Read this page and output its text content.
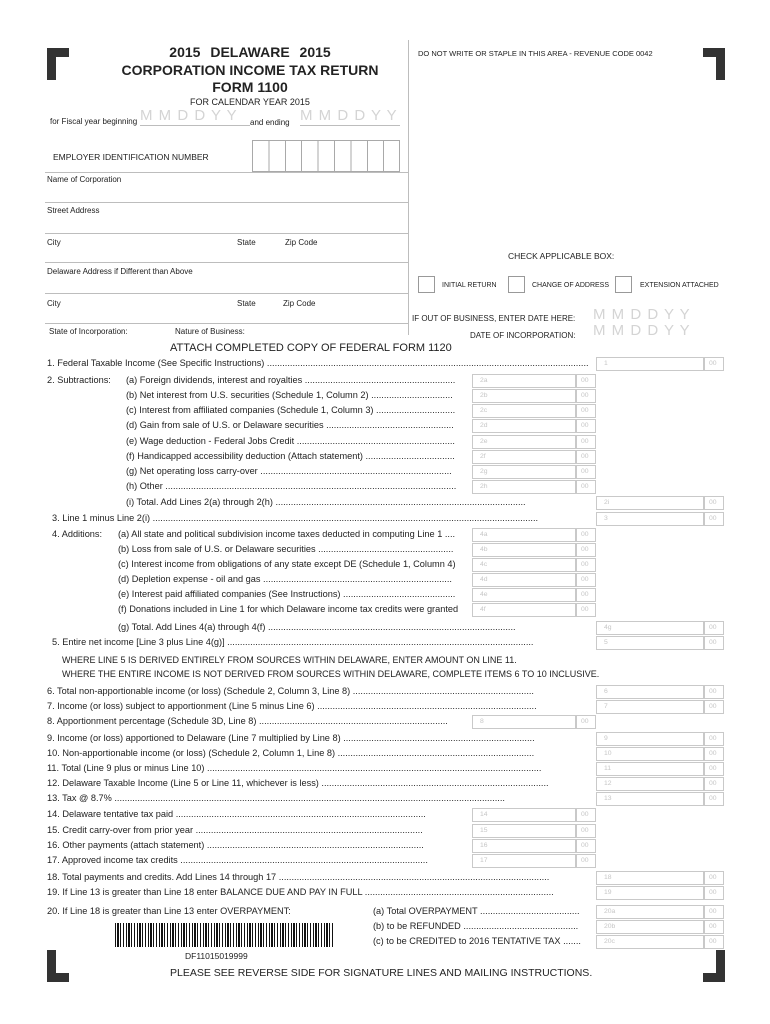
2015 DELAWARE 2015
CORPORATION INCOME TAX RETURN
FORM 1100
FOR CALENDAR YEAR 2015
for Fiscal year beginning M M D D Y Y and ending M M D D Y Y
DO NOT WRITE OR STAPLE IN THIS AREA - REVENUE CODE 0042
EMPLOYER IDENTIFICATION NUMBER
Name of Corporation
Street Address
City	State	Zip Code
Delaware Address if Different than Above
City	State	Zip Code
State of Incorporation:	Nature of Business:
CHECK APPLICABLE BOX:
INITIAL RETURN	CHANGE OF ADDRESS	EXTENSION ATTACHED
IF OUT OF BUSINESS, ENTER DATE HERE: M M D D Y Y
DATE OF INCORPORATION: M M D D Y Y
ATTACH COMPLETED COPY OF FEDERAL FORM 1120
1. Federal Taxable Income (See Specific Instructions) .............................................................................................................................. 1	00
2. Subtractions: (a) Foreign dividends, interest and royalties ...........................................................	2a	00
(b) Net interest from U.S. securities (Schedule 1, Column 2) ................................	2b	00
(c) Interest from affiliated companies (Schedule 1, Column 3) ...............................	2c	00
(d) Gain from sale of U.S. or Delaware securities ..................................................	2d	00
(e) Wage deduction - Federal Jobs Credit ..............................................................	2e	00
(f) Handicapped accessibility deduction (Attach statement) ...................................	2f	00
(g) Net operating loss carry-over ...........................................................................	2g	00
(h) Other ..................................................................................................................	2h	00
(i) Total. Add Lines 2(a) through 2(h) ..................................................................................................	2i	00
3. Line 1 minus Line 2(i) .......................................................................................................................................................	3	00
4. Additions: (a) All state and political subdivision income taxes deducted in computing Line 1 ....	4a	00
(b) Loss from sale of U.S. or Delaware securities .....................................................	4b	00
(c) Interest income from obligations of any state except DE (Schedule 1, Column 4)	4c	00
(d) Depletion expense - oil and gas ..........................................................................	4d	00
(e) Interest paid affiliated companies (See Instructions) ............................................	4e	00
(f) Donations included in Line 1 for which Delaware income tax credits were granted	4f	00
(g) Total. Add Lines 4(a) through 4(f) .................................................................................................	4g	00
5. Entire net income [Line 3 plus Line 4(g)] ........................................................................................................................	5	00
WHERE LINE 5 IS DERIVED ENTIRELY FROM SOURCES WITHIN DELAWARE, ENTER AMOUNT ON LINE 11.
WHERE THE ENTIRE INCOME IS NOT DERIVED FROM SOURCES WITHIN DELAWARE, COMPLETE ITEMS 6 TO 10 INCLUSIVE.
6. Total non-apportionable income (or loss) (Schedule 2, Column 3, Line 8) .......................................................................	6	00
7. Income (or loss) subject to apportionment (Line 5 minus Line 6) ......................................................................................	7	00
8. Apportionment percentage (Schedule 3D, Line 8) ..........................................................................	8	00
9. Income (or loss) apportioned to Delaware (Line 7 multiplied by Line 8) ...........................................................................	9	00
10. Non-apportionable income (or loss) (Schedule 2, Column 1, Line 8) .............................................................................	10	00
11. Total (Line 9 plus or minus Line 10) ...................................................................................................................................	11	00
12. Delaware Taxable Income (Line 5 or Line 11, whichever is less) .........................................................................................	12	00
13. Tax @ 8.7% .........................................................................................................................................................	13	00
14. Delaware tentative tax paid ..................................................................................................	14	00
15. Credit carry-over from prior year .........................................................................................	15	00
16. Other payments (attach statement) .....................................................................................	16	00
17. Approved income tax credits .................................................................................................	17	00
18. Total payments and credits. Add Lines 14 through 17 ..........................................................................................................	18	00
19. If Line 13 is greater than Line 18 enter BALANCE DUE AND PAY IN FULL ..........................................................................	19	00
20. If Line 18 is greater than Line 13 enter OVERPAYMENT:	(a) Total OVERPAYMENT .......................................	20a	00
(b) to be REFUNDED .............................................	20b	00
(c) to be CREDITED to 2016 TENTATIVE TAX .......	20c	00
DF11015019999
PLEASE SEE REVERSE SIDE FOR SIGNATURE LINES AND MAILING INSTRUCTIONS.
